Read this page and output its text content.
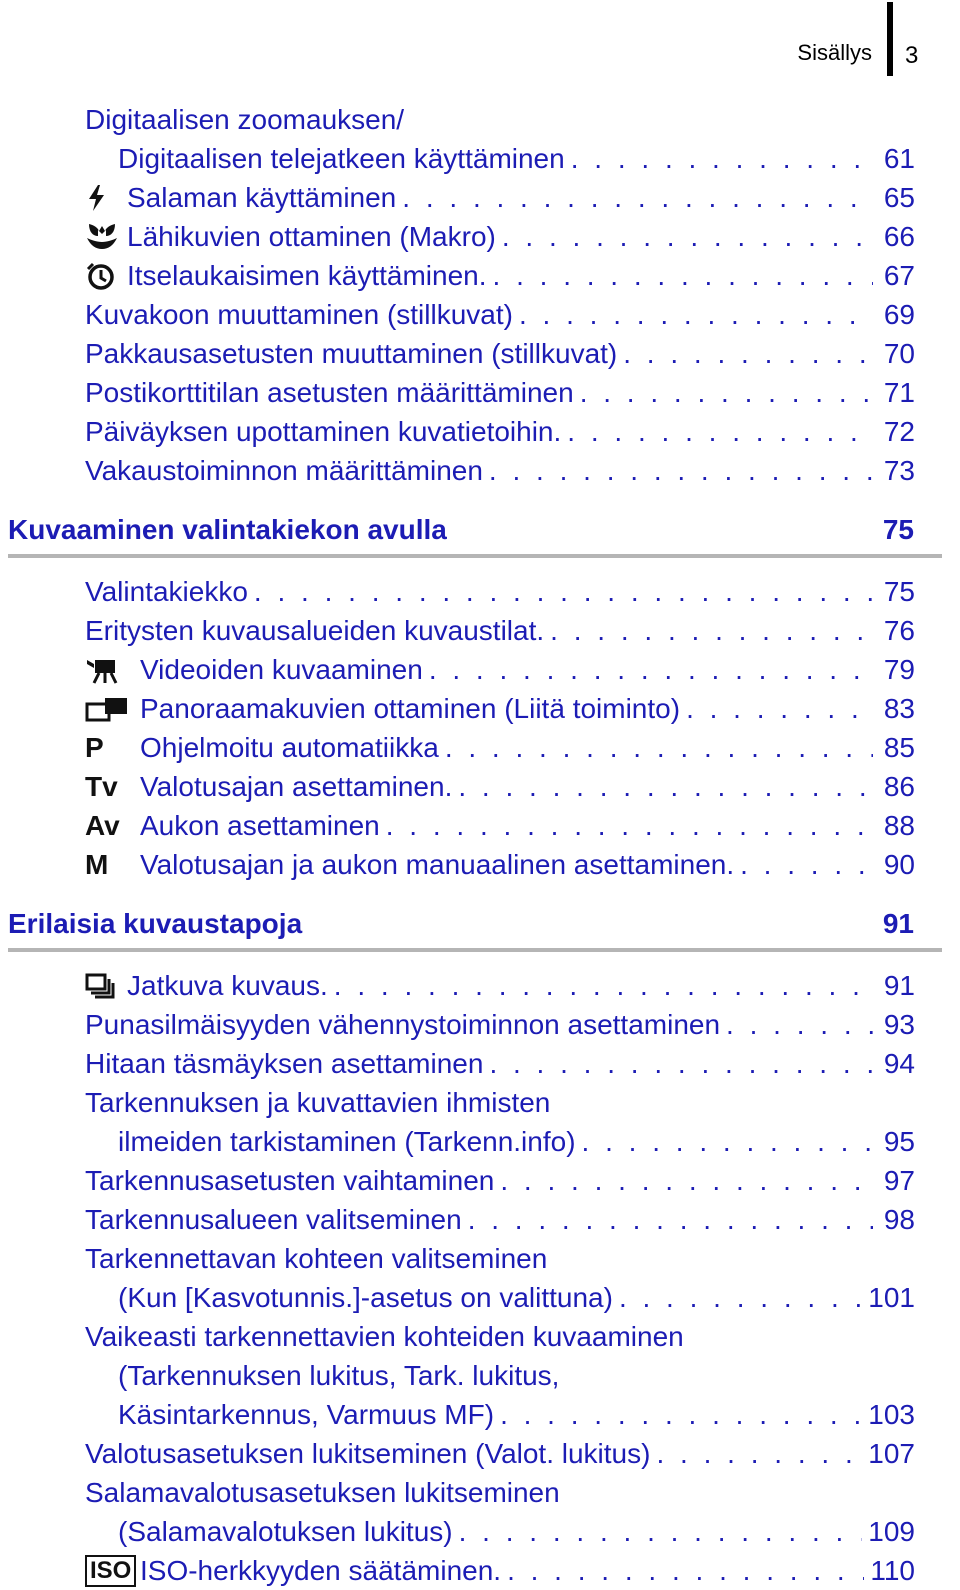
Sisällys 3
Digitaalisen zoomauksen/
Digitaalisen telejatkeen käyttäminen . . .	61
Salaman käyttäminen . . .	65
Lähikuvien ottaminen (Makro) . . .	66
Itselaukaisimen käyttäminen. . . .	67
Kuvakoon muuttaminen (stillkuvat) . . .	69
Pakkausasetusten muuttaminen (stillkuvat) . . .	70
Postikorttitilan asetusten määrittäminen . . .	71
Päiväyksen upottaminen kuvatietoihin. . . .	72
Vakaustoiminnon määrittäminen . . .	73
Kuvaaminen valintakiekon avulla	75
Valintakiekko . . .	75
Eritysten kuvausalueiden kuvaustilat. . . .	76
Videoiden kuvaaminen . . .	79
Panoraamakuvien ottaminen (Liitä toiminto) . . .	83
P	Ohjelmoitu automatiikka . . .	85
Tv Valotusajan asettaminen. . . .	86
Av Aukon asettaminen . . .	88
M	Valotusajan ja aukon manuaalinen asettaminen. . . .	90
Erilaisia kuvaustapoja	91
Jatkuva kuvaus. . . .	91
Punasilmäisyyden vähennystoiminnon asettaminen . . .	93
Hitaan täsmäyksen asettaminen . . .	94
Tarkennuksen ja kuvattavien ihmisten
ilmeiden tarkistaminen (Tarkenn.info) . . .	95
Tarkennusasetusten vaihtaminen . . .	97
Tarkennusalueen valitseminen . . .	98
Tarkennettavan kohteen valitseminen
(Kun [Kasvotunnis.]-asetus on valittuna) . . .	101
Vaikeasti tarkennettavien kohteiden kuvaaminen
(Tarkennuksen lukitus, Tark. lukitus,
Käsintarkennus, Varmuus MF) . . .	103
Valotusasetuksen lukitseminen (Valot. lukitus) . . .	107
Salamavalotusasetuksen lukitseminen
(Salamavalotuksen lukitus) . . .	109
ISO ISO-herkkyyden säätäminen. . . .	110
